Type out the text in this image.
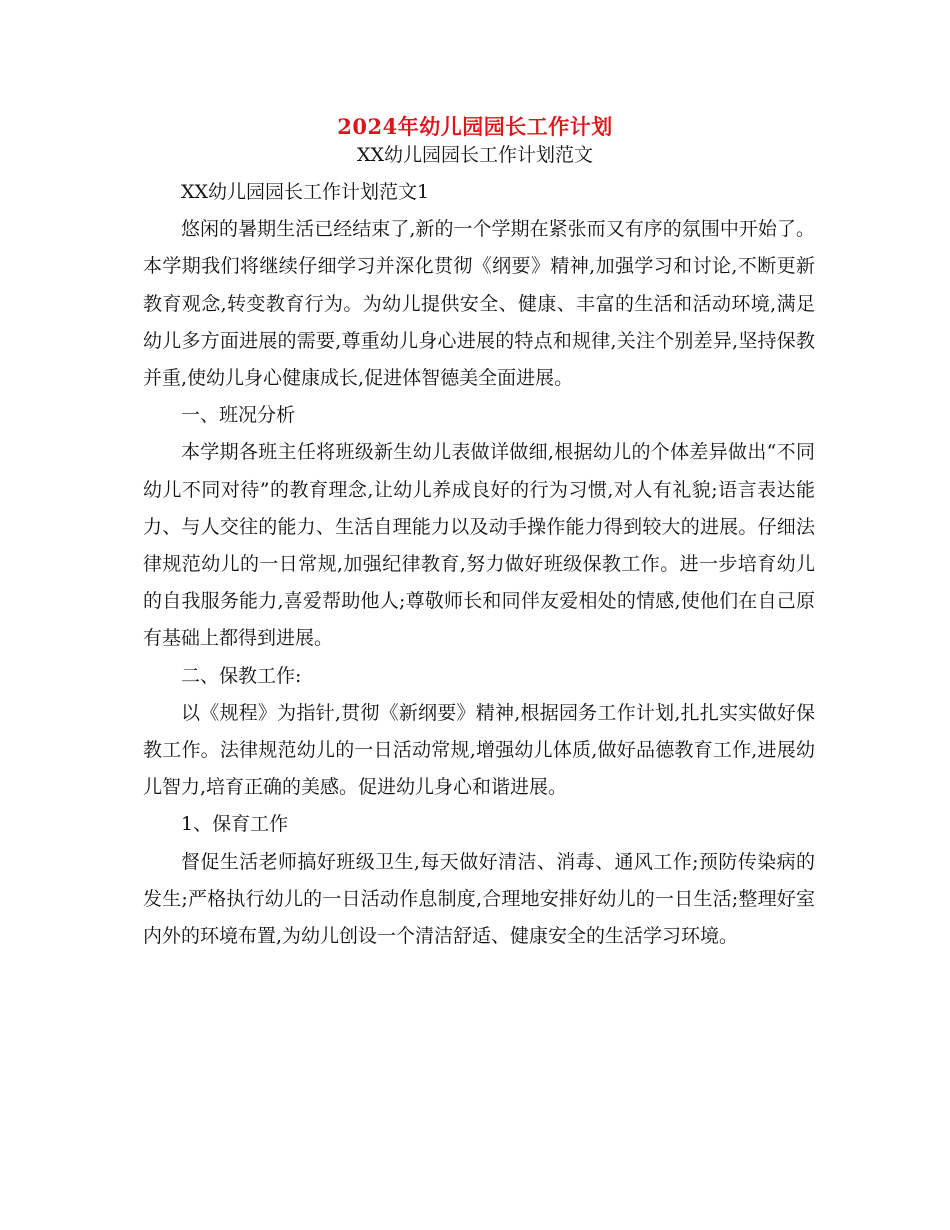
2024年幼儿园园长工作计划
XX幼儿园园长工作计划范文

XX幼儿园园长工作计划范文1

悠闲的暑期生活已经结束了,新的一个学期在紧张而又有序的氛围中开始了。本学期我们将继续仔细学习并深化贯彻《纲要》精神,加强学习和讨论,不断更新教育观念,转变教育行为。为幼儿提供安全、健康、丰富的生活和活动环境,满足幼儿多方面进展的需要,尊重幼儿身心进展的特点和规律,关注个别差异,坚持保教并重,使幼儿身心健康成长,促进体智德美全面进展。

一、班况分析

本学期各班主任将班级新生幼儿表做详做细,根据幼儿的个体差异做出“不同幼儿不同对待”的教育理念,让幼儿养成良好的行为习惯,对人有礼貌;语言表达能力、与人交往的能力、生活自理能力以及动手操作能力得到较大的进展。仔细法律规范幼儿的一日常规,加强纪律教育,努力做好班级保教工作。进一步培育幼儿的自我服务能力,喜爱帮助他人;尊敬师长和同伴友爱相处的情感,使他们在自己原有基础上都得到进展。

二、保教工作:

以《规程》为指针,贯彻《新纲要》精神,根据园务工作计划,扎扎实实做好保教工作。法律规范幼儿的一日活动常规,增强幼儿体质,做好品德教育工作,进展幼儿智力,培育正确的美感。促进幼儿身心和谐进展。

1、保育工作

督促生活老师搞好班级卫生,每天做好清洁、消毒、通风工作;预防传染病的发生;严格执行幼儿的一日活动作息制度,合理地安排好幼儿的一日生活;整理好室内外的环境布置,为幼儿创设一个清洁舒适、健康安全的生活学习环境。
